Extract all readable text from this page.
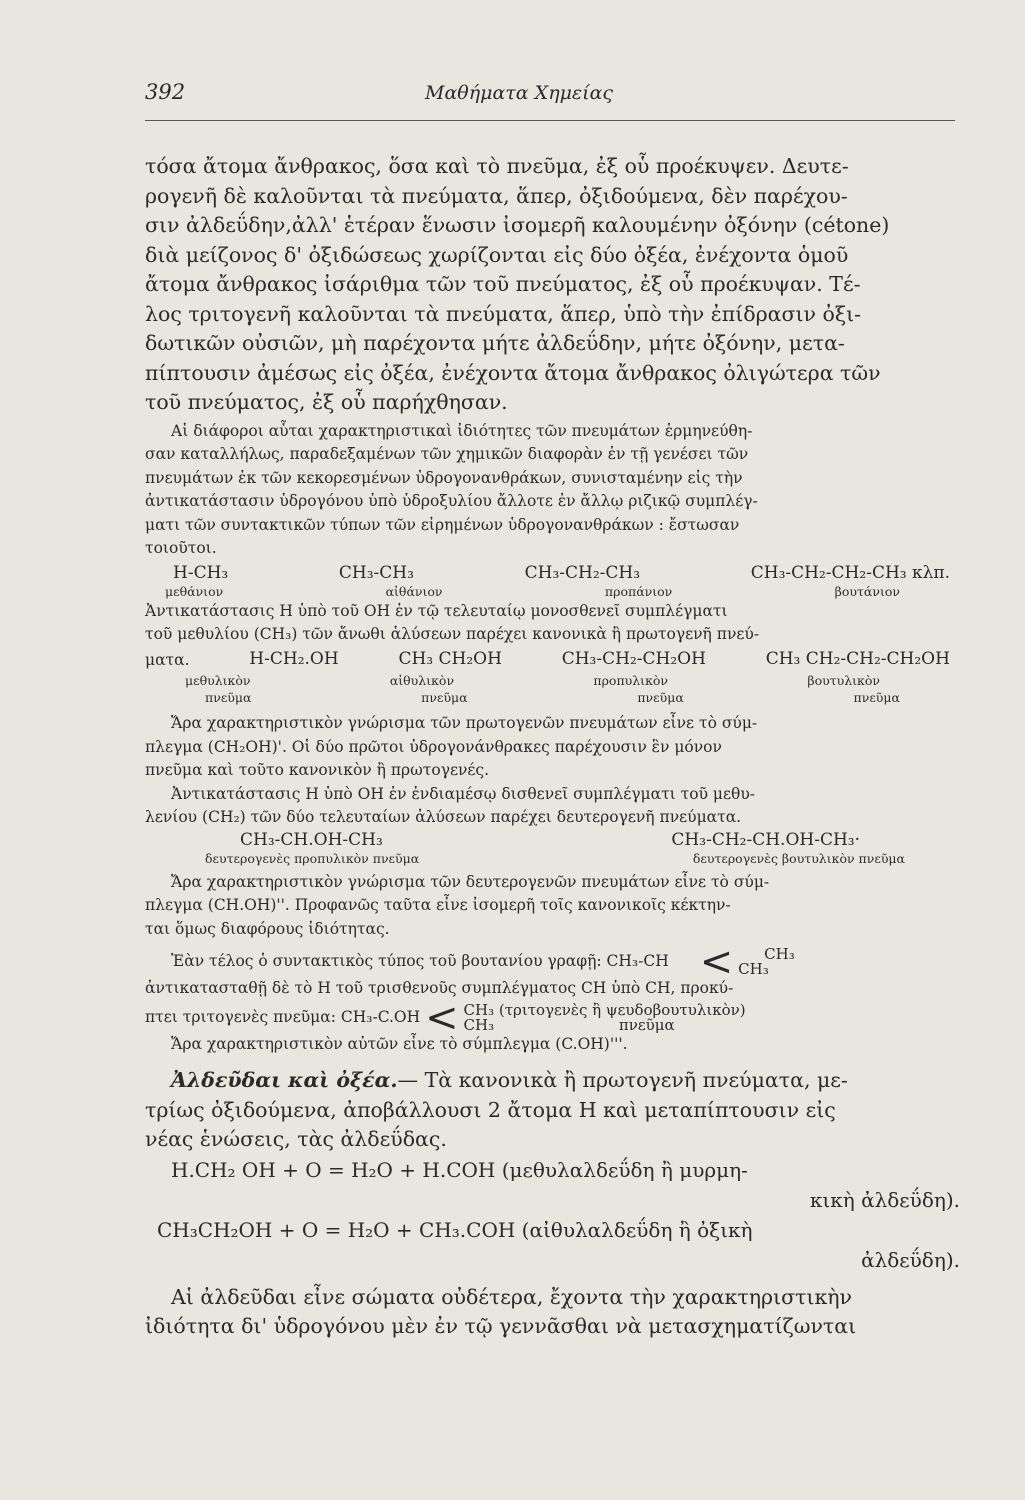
392	Μαθήματα Χημείας
τόσα ἄτομα ἄνθρακος, ὅσα καὶ τὸ πνεῦμα, ἐξ οὗ προέκυψεν. Δευτε-
ρογενῆ δὲ καλοῦνται τὰ πνεύματα, ἅπερ, ὀξιδούμενα, δὲν παρέχου-
σιν ἀλδεΰδην,ἀλλ' ἑτέραν ἕνωσιν ἰσομερῆ καλουμένην ὀξόνην (cétone)
διὰ μείζονος δ' ὀξιδώσεως χωρίζονται εἰς δύο ὀξέα, ἐνέχοντα ὁμοῦ
ἄτομα ἄνθρακος ἰσάριθμα τῶν τοῦ πνεύματος, ἐξ οὗ προέκυψαν. Τέ-
λος τριτογενῆ καλοῦνται τὰ πνεύματα, ἅπερ, ὑπὸ τὴν ἐπίδρασιν ὀξι-
δωτικῶν οὐσιῶν, μὴ παρέχοντα μήτε ἀλδεΰδην, μήτε ὀξόνην, μετα-
πίπτουσιν ἀμέσως εἰς ὀξέα, ἐνέχοντα ἄτομα ἄνθρακος ὀλιγώτερα τῶν
τοῦ πνεύματος, ἐξ οὗ παρήχθησαν.
Αἱ διάφοροι αὗται χαρακτηριστικαὶ ἰδιότητες τῶν πνευμάτων ἑρμηνεύθη-
σαν καταλλήλως, παραδεξαμένων τῶν χημικῶν διαφορὰν ἐν τῇ γενέσει τῶν
πνευμάτων ἐκ τῶν κεκορεσμένων ὑδρογονανθράκων, συνισταμένην εἰς τὴν
ἀντικατάστασιν ὑδρογόνου ὑπὸ ὑδροξυλίου ἄλλοτε ἐν ἄλλῳ ριζικῷ συμπλέγ-
ματι τῶν συντακτικῶν τύπων τῶν εἰρημένων ὑδρογονανθράκων : ἔστωσαν
τοιοῦτοι.
H-CH₃	CH₃-CH₃	CH₃-CH₂-CH₃	CH₃-CH₂-CH₂-CH₃ κλπ.
μεθάνιον	αἰθάνιον	προπάνιον	βουτάνιον
Ἀντικατάστασις H ὑπὸ τοῦ OH ἐν τῷ τελευταίῳ μονοσθενεῖ συμπλέγματι
τοῦ μεθυλίου (CH₃) τῶν ἄνωθι ἁλύσεων παρέχει κανονικὰ ἢ πρωτογενῆ πνεύ-
ματα.	H-CH₂.OH	CH₃ CH₂OH	CH₃-CH₂-CH₂OH	CH₃ CH₂-CH₂-CH₂OH
μεθυλικὸν	αἰθυλικὸν	προπυλικὸν	βουτυλικὸν
πνεῦμα	πνεῦμα	πνεῦμα	πνεῦμα
Ἄρα χαρακτηριστικὸν γνώρισμα τῶν πρωτογενῶν πνευμάτων εἶνε τὸ σύμ-
πλεγμα (CH₂OH)'. Οἱ δύο πρῶτοι ὑδρογονάνθρακες παρέχουσιν ἓν μόνον
πνεῦμα καὶ τοῦτο κανονικὸν ἢ πρωτογενές.
Ἀντικατάστασις H ὑπὸ OH ἐν ἐνδιαμέσῳ δισθενεῖ συμπλέγματι τοῦ μεθυ-
λενίου (CH₂) τῶν δύο τελευταίων ἁλύσεων παρέχει δευτερογενῆ πνεύματα.
CH₃-CH.OH-CH₃	CH₃-CH₂-CH.OH-CH₃·
δευτερογενὲς προπυλικὸν πνεῦμα	δευτερογενὲς βουτυλικὸν πνεῦμα
Ἄρα χαρακτηριστικὸν γνώρισμα τῶν δευτερογενῶν πνευμάτων εἶνε τὸ σύμ-
πλεγμα (CH.OH)''. Προφανῶς ταῦτα εἶνε ἰσομερῆ τοῖς κανονικοῖς κέκτην-
ται ὅμως διαφόρους ἰδιότητας.
Ἐὰν τέλος ὁ συντακτικὸς τύπος τοῦ βουτανίου γραφῇ: CH₃-CH < CH₃
CH₃
ἀντικατασταθῇ δὲ τὸ H τοῦ τρισθενοῦς συμπλέγματος CH ὑπὸ CH, προκύ-
πτει τριτογενὲς πνεῦμα: CH₃-C.OH < CH₃ (τριτογενὲς ἢ ψευδοβουτυλικὸν)
CH₃	πνεῦμα
Ἄρα χαρακτηριστικὸν αὐτῶν εἶνε τὸ σύμπλεγμα (C.OH)'''.
Ἀλδεῦδαι καὶ ὀξέα.— Τὰ κανονικὰ ἢ πρωτογενῆ πνεύματα, με-
τρίως ὀξιδούμενα, ἀποβάλλουσι 2 ἄτομα H καὶ μεταπίπτουσιν εἰς
νέας ἑνώσεις, τὰς ἀλδεΰδας.
H.CH₂ OH + O = H₂O + H.COH (μεθυλαλδεΰδη ἢ μυρμη-
κικὴ ἀλδεΰδη).
CH₃CH₂OH + O = H₂O + CH₃.COH (αἰθυλαλδεΰδη ἢ ὀξικὴ
ἀλδεΰδη).
Αἱ ἀλδεῦδαι εἶνε σώματα οὐδέτερα, ἔχοντα τὴν χαρακτηριστικὴν
ἰδιότητα δι' ὑδρογόνου μὲν ἐν τῷ γεννᾶσθαι νὰ μετασχηματίζωνται
